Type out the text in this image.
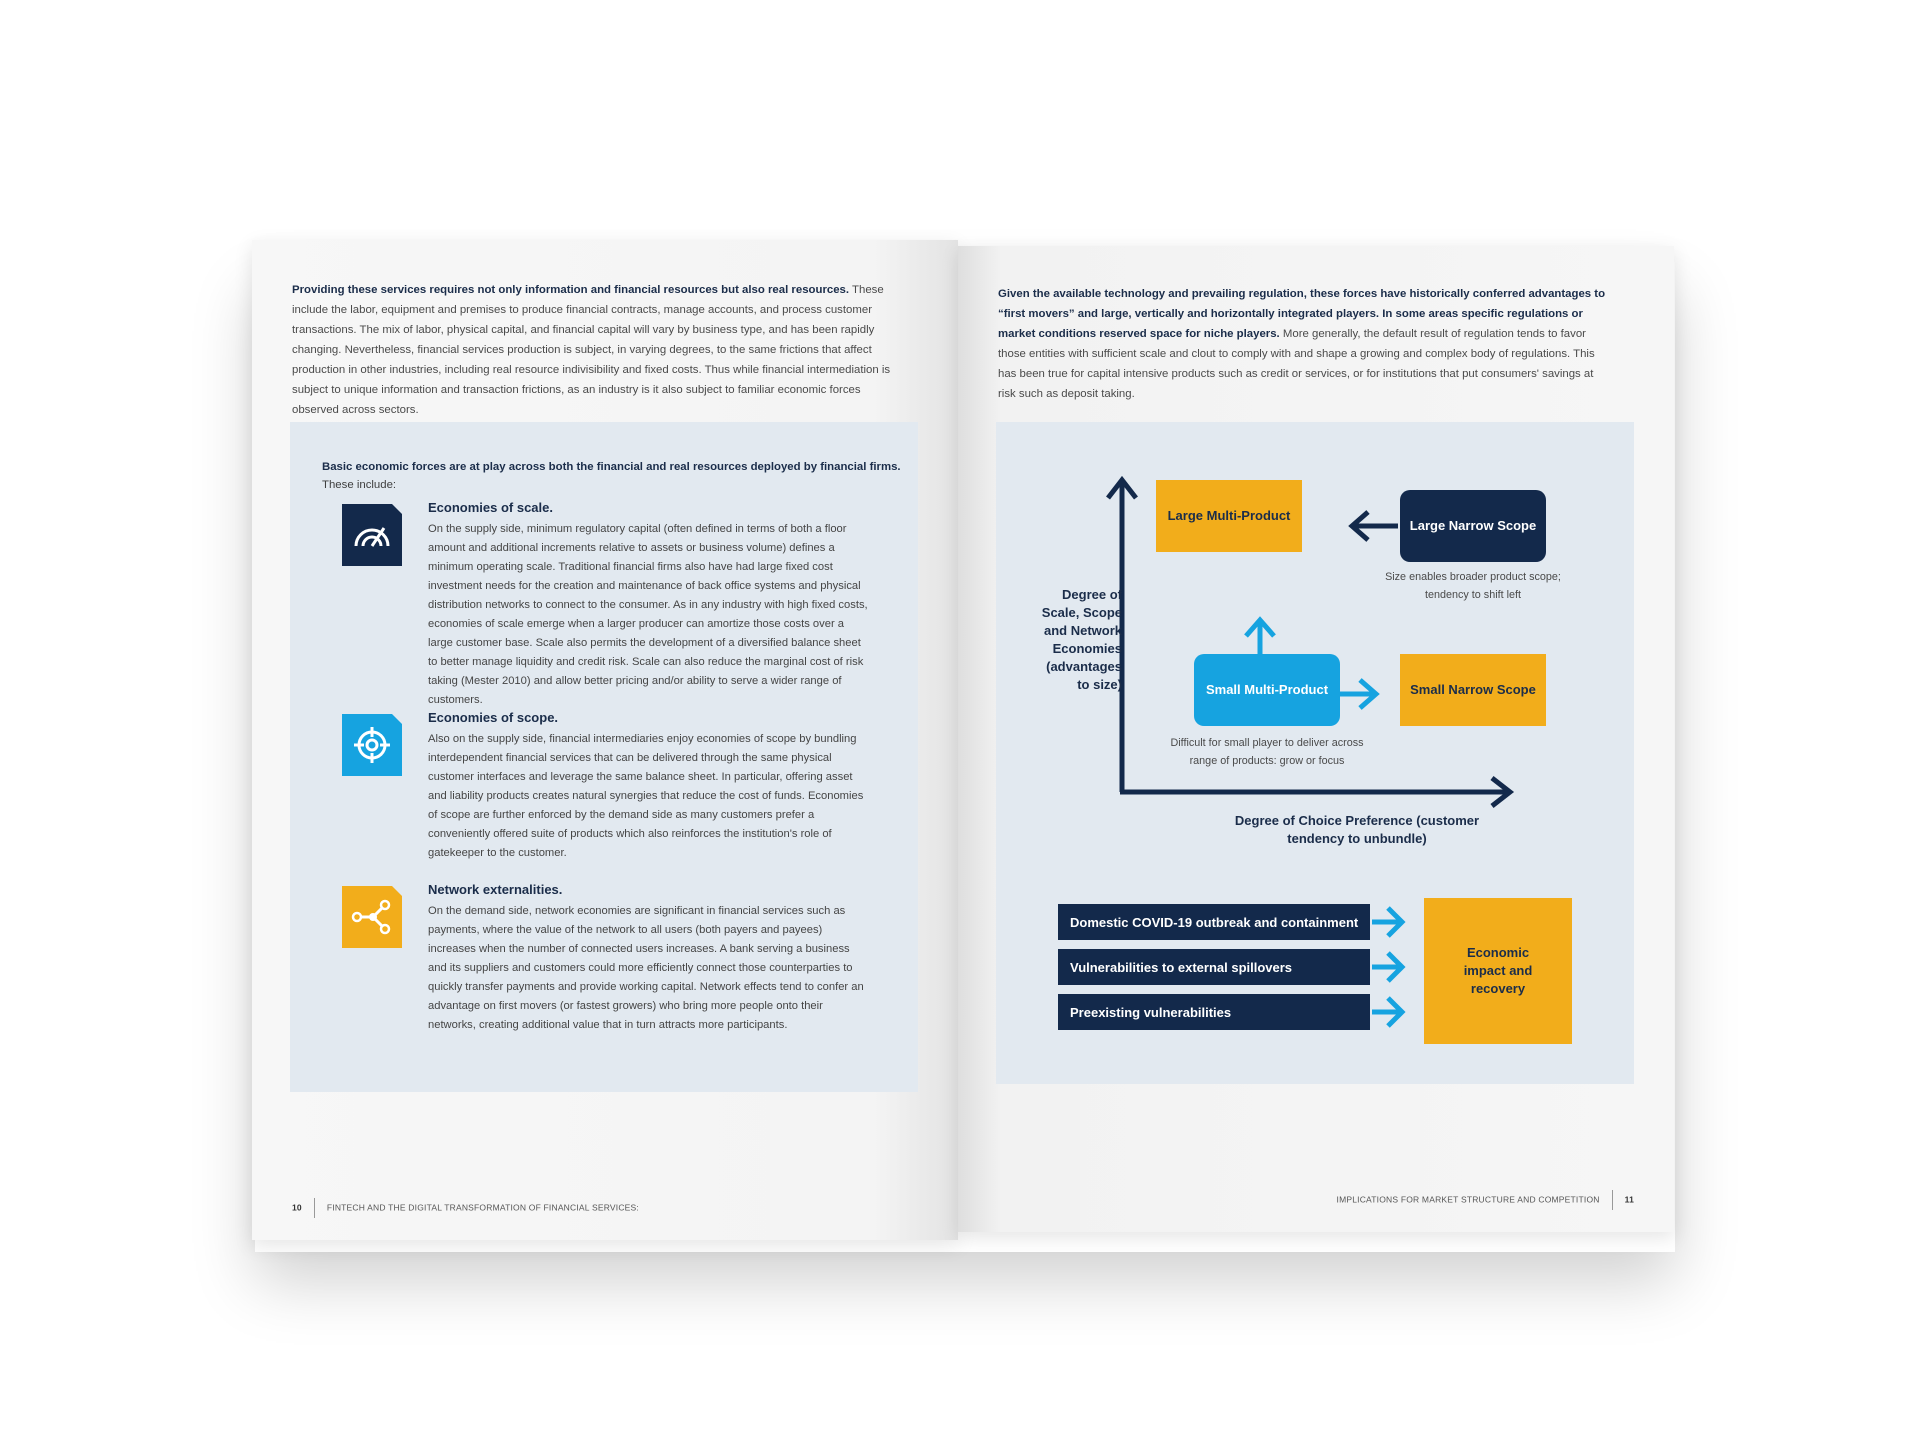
Providing these services requires not only information and financial resources but also real resources. These include the labor, equipment and premises to produce financial contracts, manage accounts, and process customer transactions. The mix of labor, physical capital, and financial capital will vary by business type, and has been rapidly changing. Nevertheless, financial services production is subject, in varying degrees, to the same frictions that affect production in other industries, including real resource indivisibility and fixed costs. Thus while financial intermediation is subject to unique information and transaction frictions, as an industry is it also subject to familiar economic forces observed across sectors.

Basic economic forces are at play across both the financial and real resources deployed by financial firms.
These include:
Economies of scale.
On the supply side, minimum regulatory capital (often defined in terms of both a floor amount and additional increments relative to assets or business volume) defines a minimum operating scale. Traditional financial firms also have had large fixed cost investment needs for the creation and maintenance of back office systems and physical distribution networks to connect to the consumer. As in any industry with high fixed costs, economies of scale emerge when a larger producer can amortize those costs over a large customer base. Scale also permits the development of a diversified balance sheet to better manage liquidity and credit risk. Scale can also reduce the marginal cost of risk taking (Mester 2010) and allow better pricing and/or ability to serve a wider range of customers.
Economies of scope.
Also on the supply side, financial intermediaries enjoy economies of scope by bundling interdependent financial services that can be delivered through the same physical customer interfaces and leverage the same balance sheet. In particular, offering asset and liability products creates natural synergies that reduce the cost of funds. Economies of scope are further enforced by the demand side as many customers prefer a conveniently offered suite of products which also reinforces the institution's role of gatekeeper to the customer.
Network externalities.
On the demand side, network economies are significant in financial services such as payments, where the value of the network to all users (both payers and payees) increases when the number of connected users increases. A bank serving a business and its suppliers and customers could more efficiently connect those counterparties to quickly transfer payments and provide working capital. Network effects tend to confer an advantage on first movers (or fastest growers) who bring more people onto their networks, creating additional value that in turn attracts more participants.
10	FINTECH AND THE DIGITAL TRANSFORMATION OF FINANCIAL SERVICES:

Given the available technology and prevailing regulation, these forces have historically conferred advantages to “first movers” and large, vertically and horizontally integrated players. In some areas specific regulations or market conditions reserved space for niche players. More generally, the default result of regulation tends to favor those entities with sufficient scale and clout to comply with and shape a growing and complex body of regulations. This has been true for capital intensive products such as credit or services, or for institutions that put consumers' savings at risk such as deposit taking.

Large Multi-Product
Large Narrow Scope
Size enables broader product scope; tendency to shift left
Degree of Scale, Scope and Network Economies (advantages to size)	Small Multi-Product	Small Narrow Scope
Difficult for small player to deliver across range of products: grow or focus
Degree of Choice Preference (customer tendency to unbundle)
Domestic COVID-19 outbreak and containment
Vulnerabilities to external spillovers
Preexisting vulnerabilities
Economic impact and recovery
IMPLICATIONS FOR MARKET STRUCTURE AND COMPETITION	11
